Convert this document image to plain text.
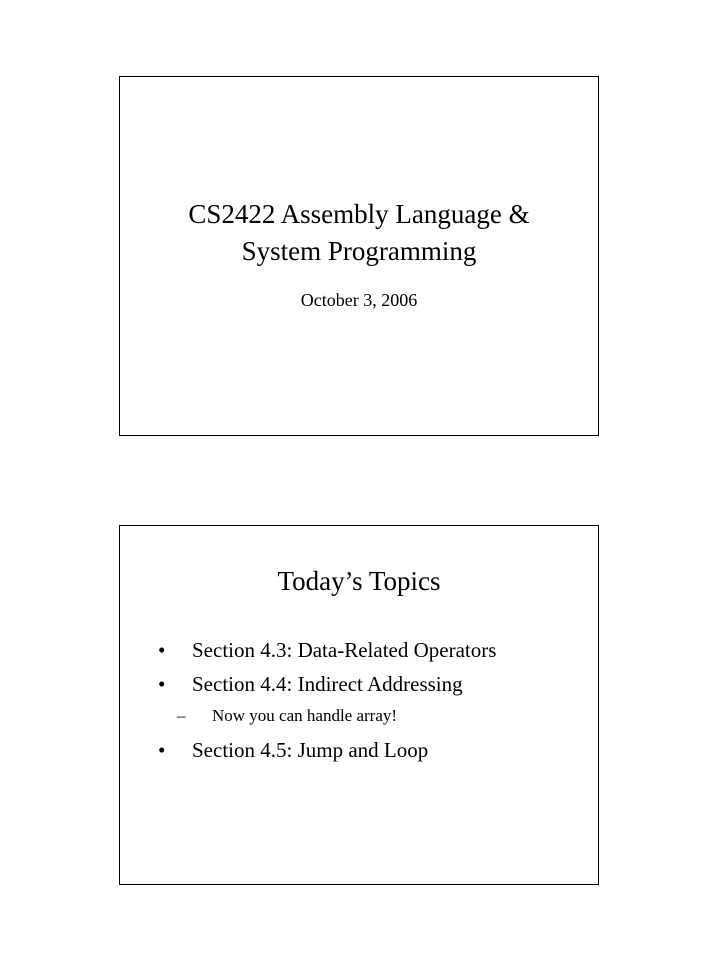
CS2422 Assembly Language &
System Programming
October 3, 2006
Today’s Topics
• Section 4.3: Data-Related Operators
• Section 4.4: Indirect Addressing
– Now you can handle array!
• Section 4.5: Jump and Loop
